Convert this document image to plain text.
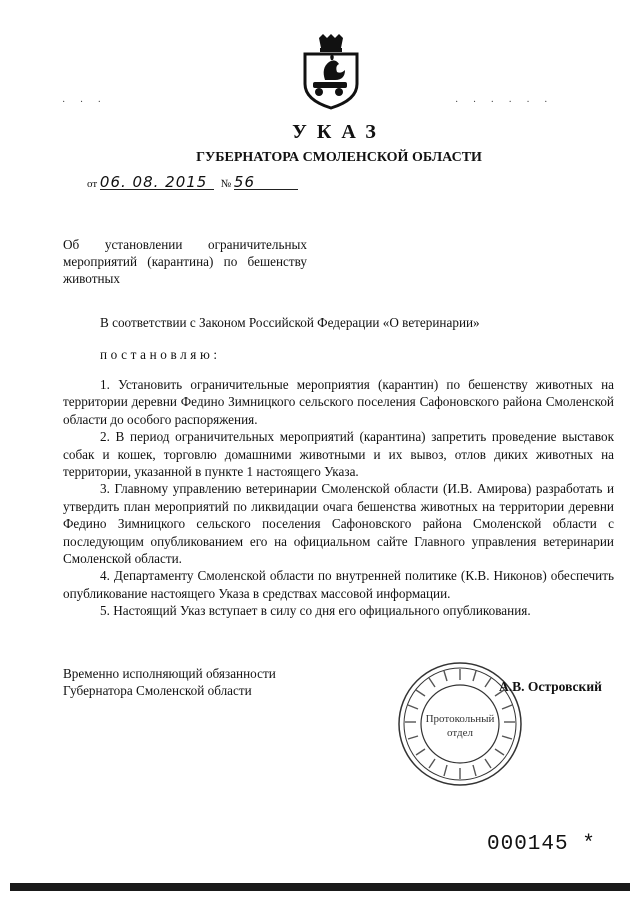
· · ·	· · · · · ·
УКАЗ
ГУБЕРНАТОРА СМОЛЕНСКОЙ ОБЛАСТИ
от 06. 08. 2015 № 56
Об установлении ограничительных мероприятий (карантина) по бешенству животных
В соответствии с Законом Российской Федерации «О ветеринарии»
постановляю:

1. Установить ограничительные мероприятия (карантин) по бешенству животных на территории деревни Федино Зимницкого сельского поселения Сафоновского района Смоленской области до особого распоряжения.

2. В период ограничительных мероприятий (карантина) запретить проведение выставок собак и кошек, торговлю домашними животными и их вывоз, отлов диких животных на территории, указанной в пункте 1 настоящего Указа.

3. Главному управлению ветеринарии Смоленской области (И.В. Амирова) разработать и утвердить план мероприятий по ликвидации очага бешенства животных на территории деревни Федино Зимницкого сельского поселения Сафоновского района Смоленской области с последующим опубликованием его на официальном сайте Главного управления ветеринарии Смоленской области.

4. Департаменту Смоленской области по внутренней политике (К.В. Никонов) обеспечить опубликование настоящего Указа в средствах массовой информации.

5. Настоящий Указ вступает в силу со дня его официального опубликования.

Временно исполняющий обязанности
Губернатора Смоленской области
Протокольный
отдел
А.В. Островский
000145 *
